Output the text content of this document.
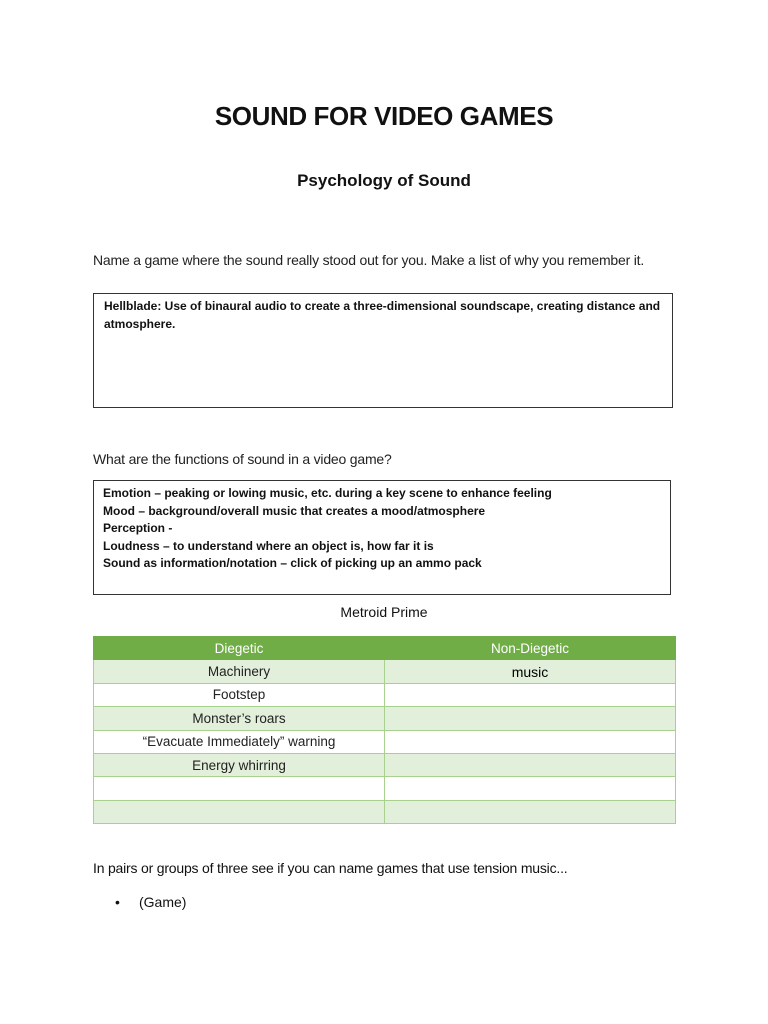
SOUND FOR VIDEO GAMES
Psychology of Sound
Name a game where the sound really stood out for you. Make a list of why you remember it.
Hellblade: Use of binaural audio to create a three-dimensional soundscape, creating distance and atmosphere.
What are the functions of sound in a video game?
Emotion – peaking or lowing music, etc. during a key scene to enhance feeling
Mood – background/overall music that creates a mood/atmosphere
Perception -
Loudness – to understand where an object is, how far it is
Sound as information/notation – click of picking up an ammo pack
Metroid Prime
Diegetic	Non-Diegetic
Machinery	music
Footstep	
Monster’s roars	
“Evacuate Immediately” warning	
Energy whirring	

In pairs or groups of three see if you can name games that use tension music...
• (Game)
